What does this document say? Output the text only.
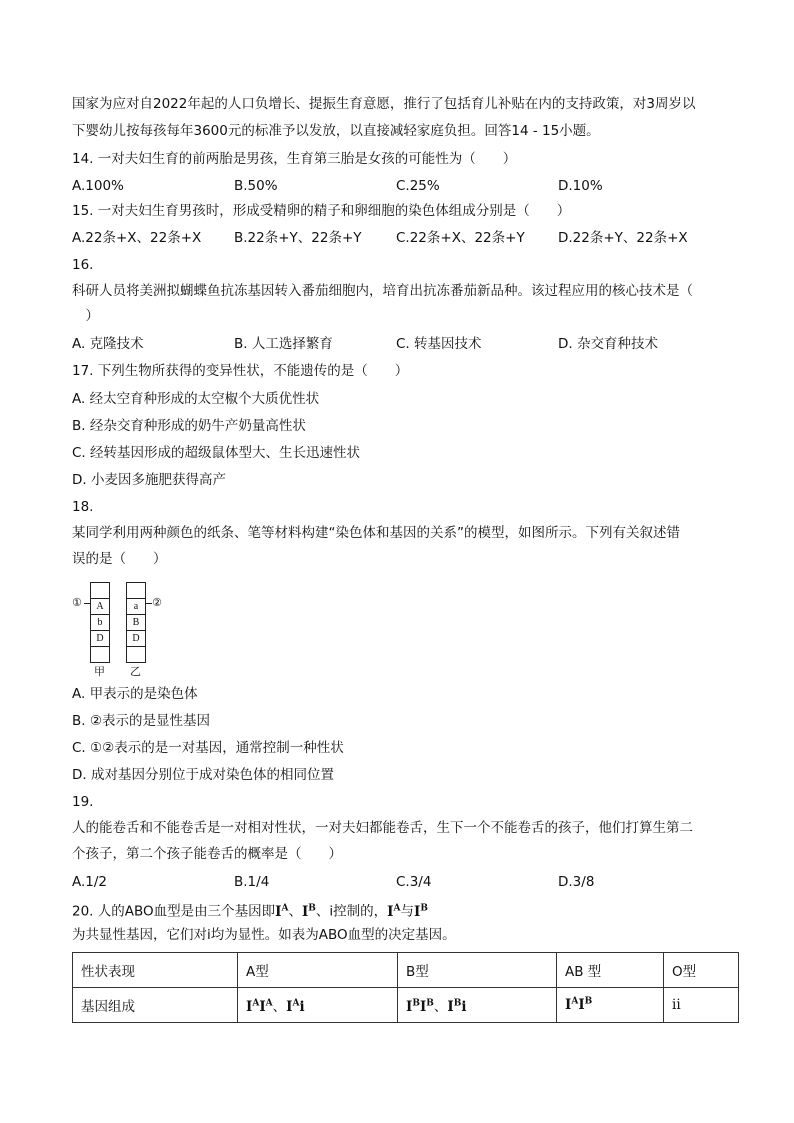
国家为应对自2022年起的人口负增长、提振生育意愿，推行了包括育儿补贴在内的支持政策，对3周岁以
下婴幼儿按每孩每年3600元的标准予以发放，以直接减轻家庭负担。回答14 - 15小题。
14. 一对夫妇生育的前两胎是男孩，生育第三胎是女孩的可能性为（　　）
A.100%	B.50%	C.25%	D.10%
15. 一对夫妇生育男孩时，形成受精卵的精子和卵细胞的染色体组成分别是（　　）
A.22条+X、22条+X	B.22条+Y、22条+Y	C.22条+X、22条+Y	D.22条+Y、22条+X
16.
科研人员将美洲拟蝴蝶鱼抗冻基因转入番茄细胞内，培育出抗冻番茄新品种。该过程应用的核心技术是（
　）
A. 克隆技术	B. 人工选择繁育	C. 转基因技术	D. 杂交育种技术
17. 下列生物所获得的变异性状，不能遗传的是（　　）
A. 经太空育种形成的太空椒个大质优性状
B. 经杂交育种形成的奶牛产奶量高性状
C. 经转基因形成的超级鼠体型大、生长迅速性状
D. 小麦因多施肥获得高产
18.
某同学利用两种颜色的纸条、笔等材料构建“染色体和基因的关系”的模型，如图所示。下列有关叙述错
误的是（　　）
①	A
b
D
a
B
D
②
甲 乙
A. 甲表示的是染色体
B. ②表示的是显性基因
C. ①②表示的是一对基因，通常控制一种性状
D. 成对基因分别位于成对染色体的相同位置
19.
人的能卷舌和不能卷舌是一对相对性状，一对夫妇都能卷舌，生下一个不能卷舌的孩子，他们打算生第二
个孩子，第二个孩子能卷舌的概率是（　　）
A.1/2	B.1/4	C.3/4	D.3/8
20. 人的ABO血型是由三个基因即$I^A$、$I^B$、i控制的，$I^A$与$I^B$
为共显性基因，它们对i均为显性。如表为ABO血型的决定基因。
性状表现	A型	B型	AB 型	O型
基因组成	$I^AI^A$、$I^Ai$	$I^BI^B$、$I^Bi$	$I^AI^B$	ii
